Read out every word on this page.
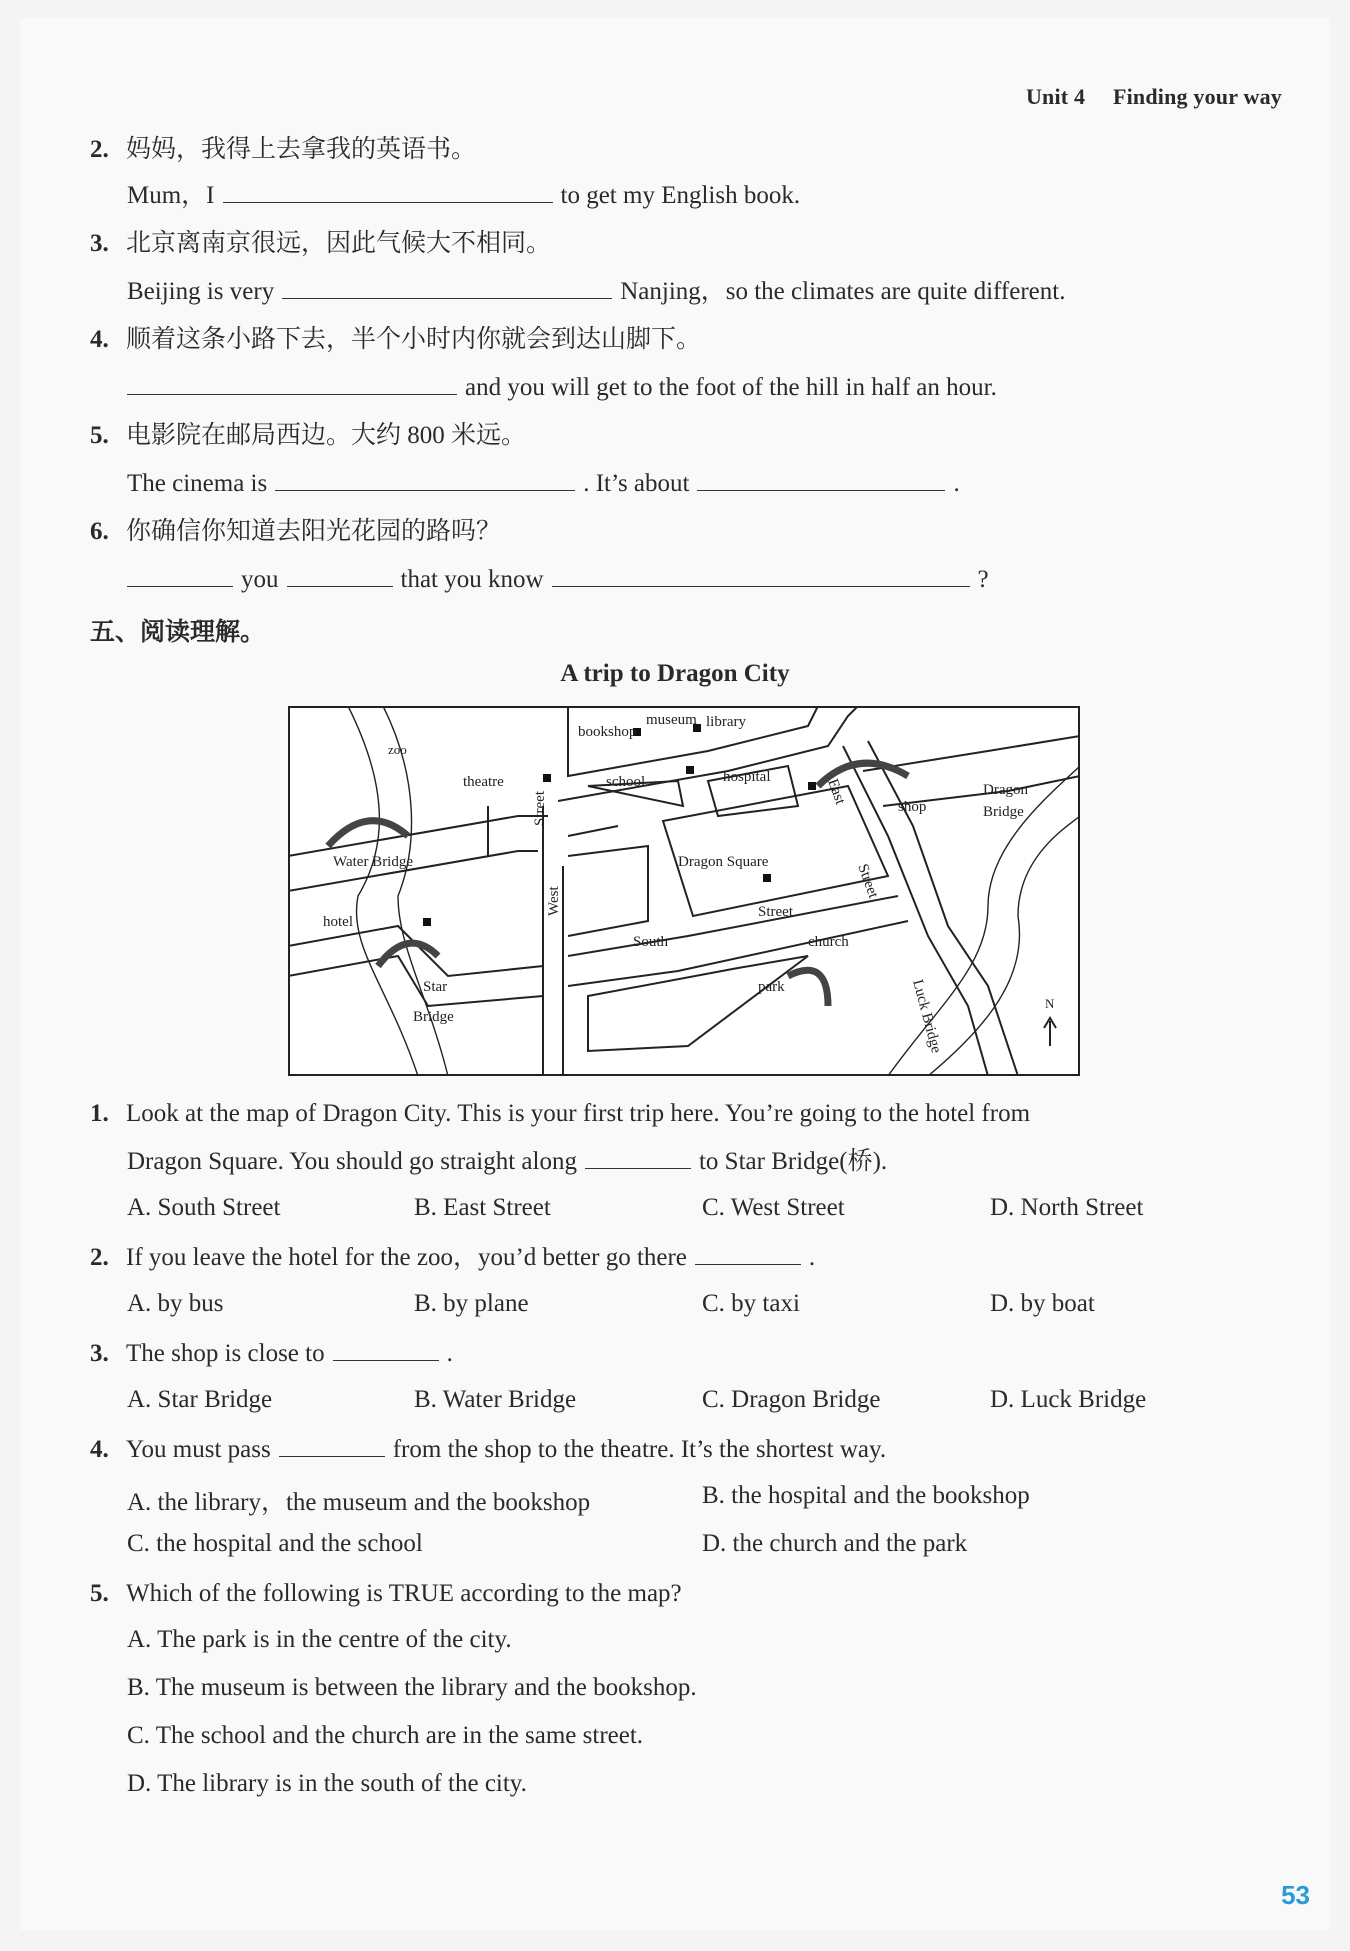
Unit 4 Finding your way
2. 妈妈，我得上去拿我的英语书。
Mum，I	to get my English book.
3. 北京离南京很远，因此气候大不相同。
Beijing is very	Nanjing，so the climates are quite different.
4. 顺着这条小路下去，半个小时内你就会到达山脚下。
and you will get to the foot of the hill in half an hour.
5. 电影院在邮局西边。大约 800 米远。
The cinema is	. It’s about	.
6. 你确信你知道去阳光花园的路吗？
you	that you know	?
五、阅读理解。
A trip to Dragon City
bookshop
museum library
zoo
theatre	school	hospital	East
shop
Dragon
Bridge
Street
Water Bridge	Dragon Square
West
Street
Street
South	church
hotel
Star
Bridge
park	Luck Bridge	N
1. Look at the map of Dragon City. This is your first trip here. You’re going to the hotel from
Dragon Square. You should go straight along	to Star Bridge(桥).
A. South Street	B. East Street	C. West Street	D. North Street
2. If you leave the hotel for the zoo，you’d better go there	.
A. by bus	B. by plane	C. by taxi	D. by boat
3. The shop is close to	.
A. Star Bridge	B. Water Bridge	C. Dragon Bridge	D. Luck Bridge
4. You must pass	from the shop to the theatre. It’s the shortest way.
A. the library，the museum and the bookshop	B. the hospital and the bookshop
C. the hospital and the school	D. the church and the park
5. Which of the following is TRUE according to the map?
A. The park is in the centre of the city.
B. The museum is between the library and the bookshop.
C. The school and the church are in the same street.
D. The library is in the south of the city.
53
